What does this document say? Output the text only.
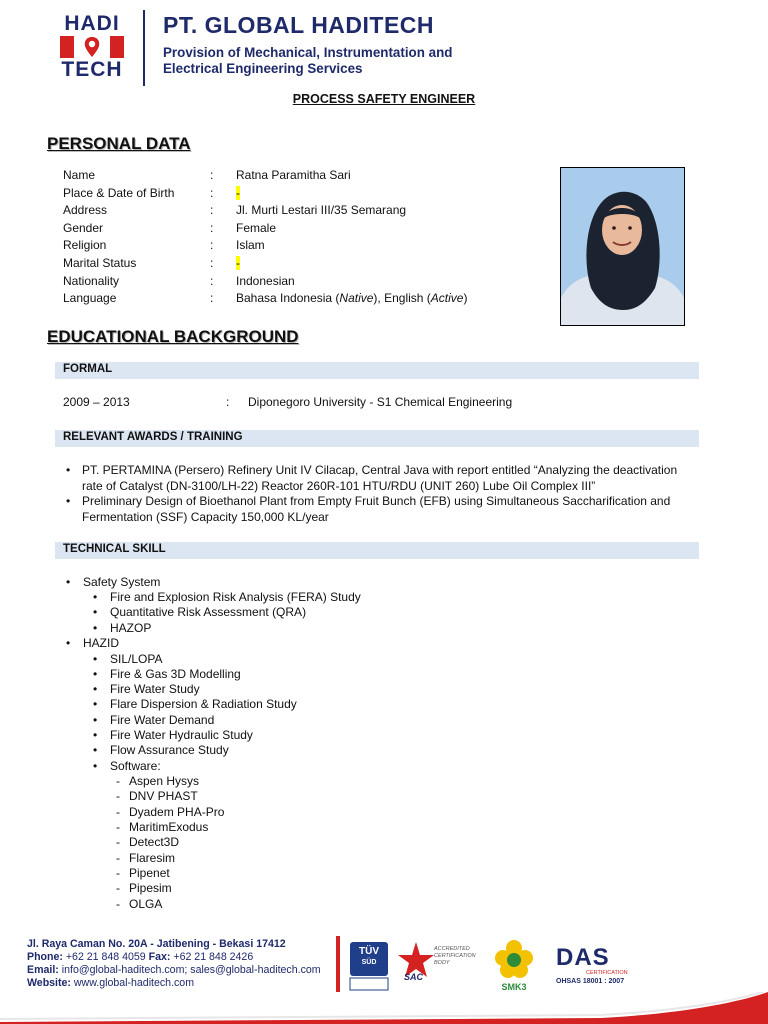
HADI
TECH
PT. GLOBAL HADITECH
Provision of Mechanical, Instrumentation and
Electrical Engineering Services
PROCESS SAFETY ENGINEER
PERSONAL DATA
Name	: Ratna Paramitha Sari
Place & Date of Birth	: -
Address	: Jl. Murti Lestari III/35 Semarang
Gender	: Female
Religion	: Islam
Marital Status	: -
Nationality	: Indonesian
Language	: Bahasa Indonesia (Native), English (Active)
EDUCATIONAL BACKGROUND
FORMAL
2009 – 2013	: Diponegoro University - S1 Chemical Engineering
RELEVANT AWARDS / TRAINING
• PT. PERTAMINA (Persero) Refinery Unit IV Cilacap, Central Java with report entitled “Analyzing the deactivation
rate of Catalyst (DN-3100/LH-22) Reactor 260R-101 HTU/RDU (UNIT 260) Lube Oil Complex III”
• Preliminary Design of Bioethanol Plant from Empty Fruit Bunch (EFB) using Simultaneous Saccharification and
Fermentation (SSF) Capacity 150,000 KL/year
TECHNICAL SKILL
• Safety System
• Fire and Explosion Risk Analysis (FERA) Study
• Quantitative Risk Assessment (QRA)
• HAZOP
• HAZID
• SIL/LOPA
• Fire & Gas 3D Modelling
• Fire Water Study
• Flare Dispersion & Radiation Study
• Fire Water Demand
• Fire Water Hydraulic Study
• Flow Assurance Study
• Software:
- Aspen Hysys
- DNV PHAST
- Dyadem PHA-Pro
- MaritimExodus
- Detect3D
- Flaresim
- Pipenet
- Pipesim
- OLGA
Jl. Raya Caman No. 20A - Jatibening - Bekasi 17412
Phone: +62 21 848 4059 Fax: +62 21 848 2426
Email: info@global-haditech.com; sales@global-haditech.com
Website: www.global-haditech.com
TÜV
SÜD
SAC
ACCREDITED
CERTIFICATION
BODY
SMK3
DAS
CERTIFICATION
OHSAS 18001 : 2007
